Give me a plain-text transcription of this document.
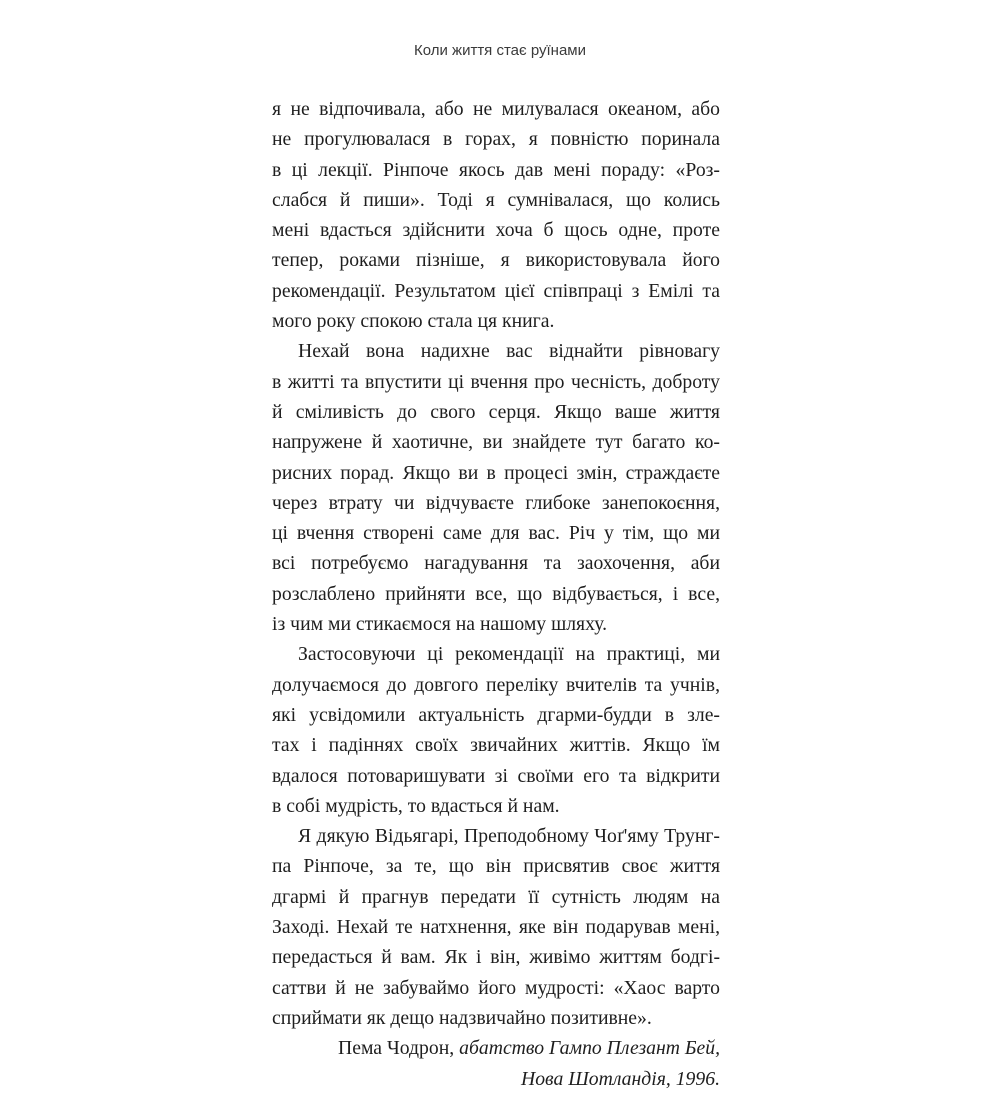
Коли життя стає руїнами
я не відпочивала, або не милувалася океаном, або
не прогулювалася в горах, я повністю поринала
в ці лекції. Рінпоче якось дав мені пораду: «Роз-
слабся й пиши». Тоді я сумнівалася, що колись
мені вдасться здійснити хоча б щось одне, проте
тепер, роками пізніше, я використовувала його
рекомендації. Результатом цієї співпраці з Емілі та
мого року спокою стала ця книга.
Нехай вона надихне вас віднайти рівновагу
в житті та впустити ці вчення про чесність, доброту
й сміливість до свого серця. Якщо ваше життя
напружене й хаотичне, ви знайдете тут багато ко-
рисних порад. Якщо ви в процесі змін, страждаєте
через втрату чи відчуваєте глибоке занепокоєння,
ці вчення створені саме для вас. Річ у тім, що ми
всі потребуємо нагадування та заохочення, аби
розслаблено прийняти все, що відбувається, і все,
із чим ми стикаємося на нашому шляху.
Застосовуючи ці рекомендації на практиці, ми
долучаємося до довгого переліку вчителів та учнів,
які усвідомили актуальність дгарми-будди в зле-
тах і падіннях своїх звичайних життів. Якщо їм
вдалося потоваришувати зі своїми его та відкрити
в собі мудрість, то вдасться й нам.
Я дякую Відьягарі, Преподобному Чоґ'яму Трунг-
па Рінпоче, за те, що він присвятив своє життя
дгармі й прагнув передати її сутність людям на
Заході. Нехай те натхнення, яке він подарував мені,
передасться й вам. Як і він, живімо життям бодгі-
саттви й не забуваймо його мудрості: «Хаос варто
сприймати як дещо надзвичайно позитивне».
Пема Чодрон, абатство Гампо Плезант Бей,
Нова Шотландія, 1996.
